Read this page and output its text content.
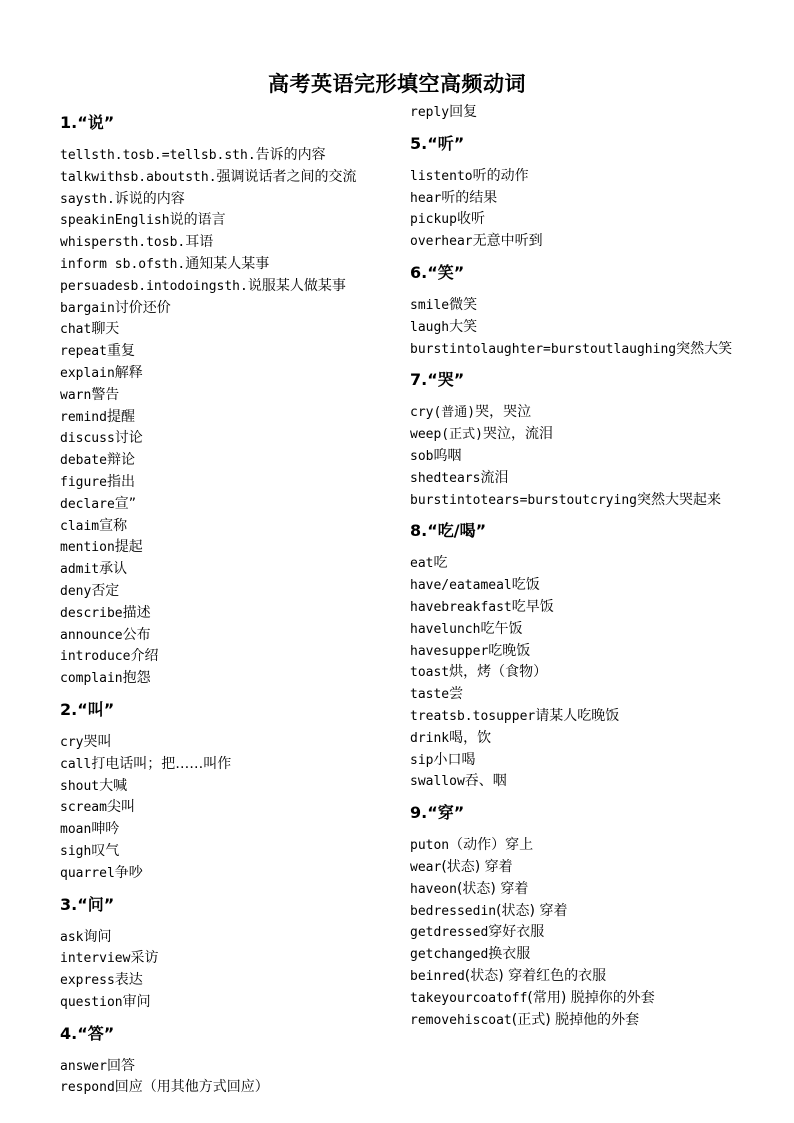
高考英语完形填空高频动词
1.“说”
tellsth.tosb.=tellsb.sth.告诉的内容
talkwithsb.aboutsth.强调说话者之间的交流
saysth.诉说的内容
speakinEnglish说的语言
whispersth.tosb.耳语
inform sb.ofsth.通知某人某事
persuadesb.intodoingsth.说服某人做某事
bargain讨价还价
chat聊天
repeat重复
explain解释
warn警告
remind提醒
discuss讨论
debate辩论
figure指出
declare宣”
claim宣称
mention提起
admit承认
deny否定
describe描述
announce公布
introduce介绍
complain抱怨
2.“叫”
cry哭叫
call打电话叫；把……叫作
shout大喊
scream尖叫
moan呻吟
sigh叹气
quarrel争吵
3.“问”
ask询问
interview采访
express表达
question审问
4.“答”
answer回答
respond回应（用其他方式回应）
reply回复
5.“听”
listento听的动作
hear听的结果
pickup收听
overhear无意中听到
6.“笑”
smile微笑
laugh大笑
burstintolaughter=burstoutlaughing突然大笑
7.“哭”
cry(普通)哭，哭泣
weep(正式)哭泣，流泪
sob呜咽
shedtears流泪
burstintotears=burstoutcrying突然大哭起来
8.“吃/喝”
eat吃
have/eatameal吃饭
havebreakfast吃早饭
havelunch吃午饭
havesupper吃晚饭
toast烘，烤（食物）
taste尝
treatsb.tosupper请某人吃晚饭
drink喝，饮
sip小口喝
swallow吞、咽
9.“穿”
puton（动作）穿上
wear(状态) 穿着
haveon(状态) 穿着
bedressedin(状态) 穿着
getdressed穿好衣服
getchanged换衣服
beinred(状态) 穿着红色的衣服
takeyourcoatoff(常用) 脱掉你的外套
removehiscoat(正式) 脱掉他的外套
